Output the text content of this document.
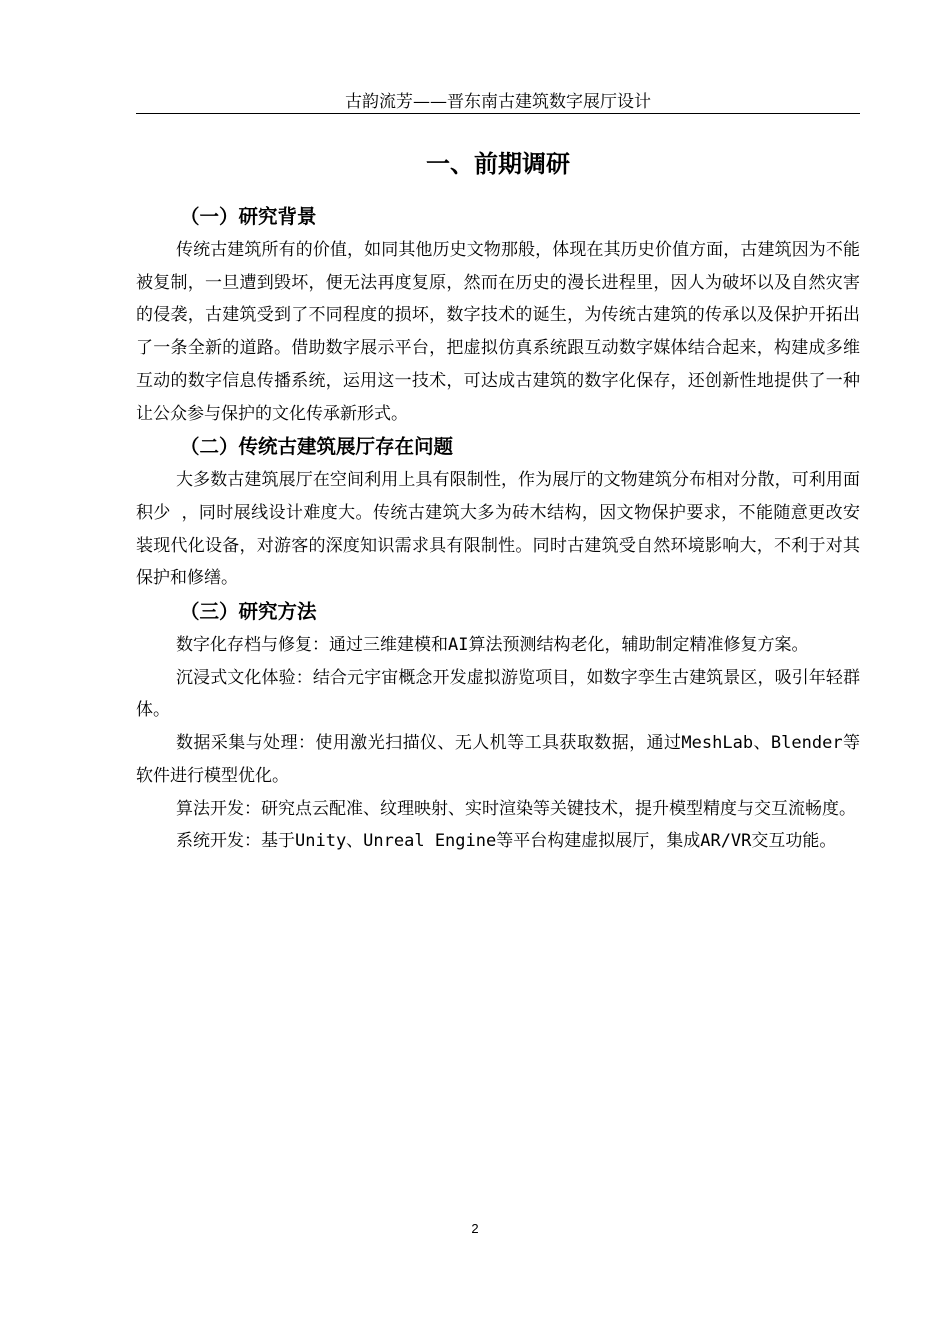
古韵流芳——晋东南古建筑数字展厅设计
一、前期调研
（一）研究背景

传统古建筑所有的价值，如同其他历史文物那般，体现在其历史价值方面，古建筑因为不能被复制，一旦遭到毁坏，便无法再度复原，然而在历史的漫长进程里，因人为破坏以及自然灾害的侵袭，古建筑受到了不同程度的损坏，数字技术的诞生，为传统古建筑的传承以及保护开拓出了一条全新的道路。借助数字展示平台，把虚拟仿真系统跟互动数字媒体结合起来，构建成多维互动的数字信息传播系统，运用这一技术，可达成古建筑的数字化保存，还创新性地提供了一种让公众参与保护的文化传承新形式。

（二）传统古建筑展厅存在问题

大多数古建筑展厅在空间利用上具有限制性，作为展厅的文物建筑分布相对分散，可利用面积少 ，同时展线设计难度大。传统古建筑大多为砖木结构，因文物保护要求，不能随意更改安装现代化设备，对游客的深度知识需求具有限制性。同时古建筑受自然环境影响大，不利于对其保护和修缮。

（三）研究方法

数字化存档与修复：通过三维建模和AI算法预测结构老化，辅助制定精准修复方案。

沉浸式文化体验：结合元宇宙概念开发虚拟游览项目，如数字孪生古建筑景区，吸引年轻群体。

数据采集与处理：使用激光扫描仪、无人机等工具获取数据，通过MeshLab、Blender等软件进行模型优化。

算法开发：研究点云配准、纹理映射、实时渲染等关键技术，提升模型精度与交互流畅度。

系统开发：基于Unity、Unreal Engine等平台构建虚拟展厅，集成AR/VR交互功能。

2
